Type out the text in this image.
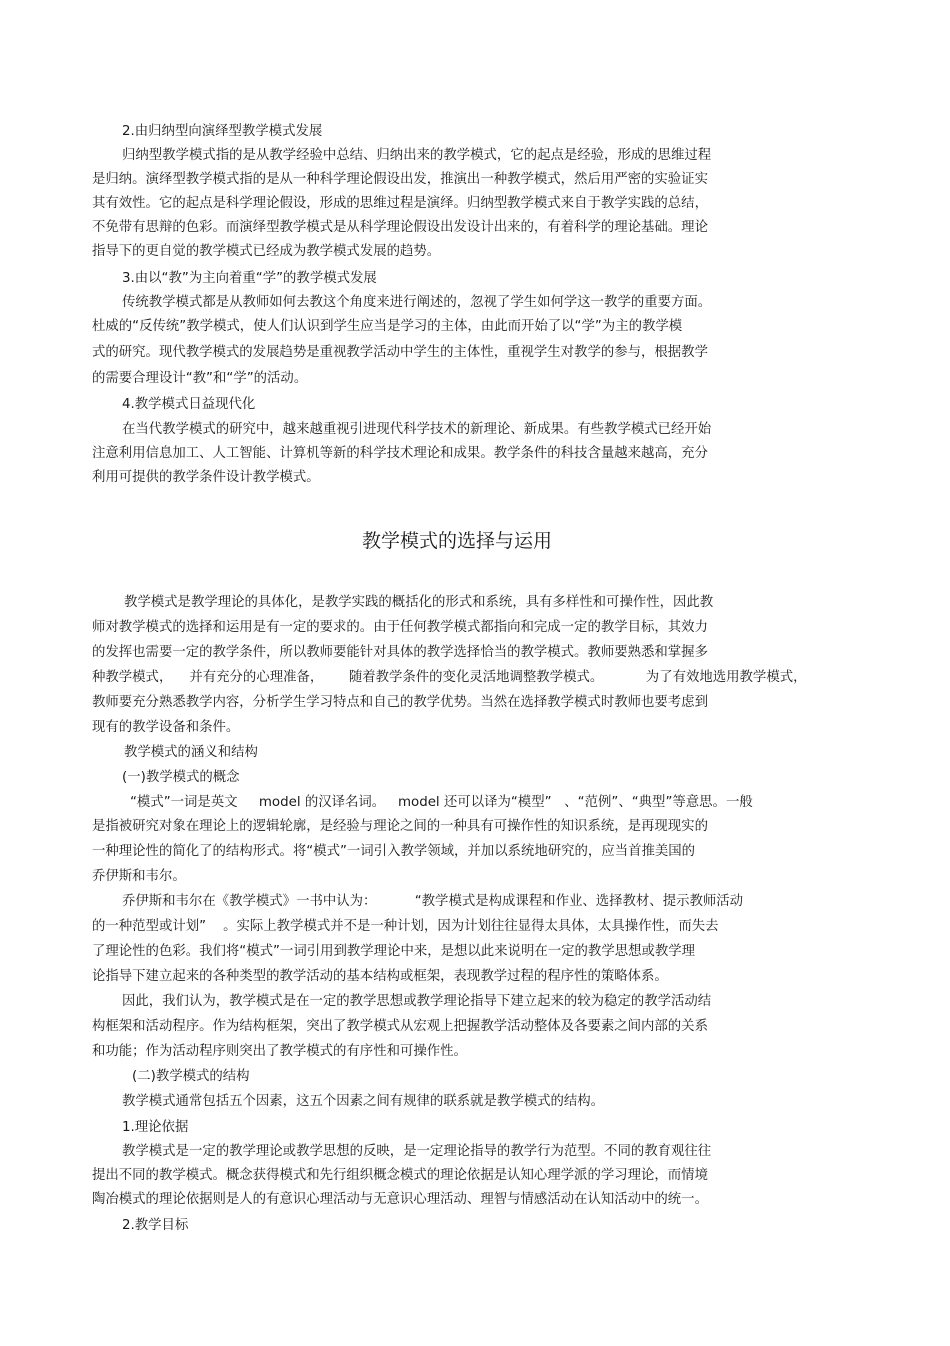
2.由归纳型向演绎型教学模式发展
归纳型教学模式指的是从教学经验中总结、归纳出来的教学模式，它的起点是经验，形成的思维过程
是归纳。演绎型教学模式指的是从一种科学理论假设出发，推演出一种教学模式，然后用严密的实验证实
其有效性。它的起点是科学理论假设，形成的思维过程是演绎。归纳型教学模式来自于教学实践的总结，
不免带有思辩的色彩。而演绎型教学模式是从科学理论假设出发设计出来的，有着科学的理论基础。理论
指导下的更自觉的教学模式已经成为教学模式发展的趋势。
3.由以“教”为主向着重“学”的教学模式发展
传统教学模式都是从教师如何去教这个角度来进行阐述的，忽视了学生如何学这一教学的重要方面。
杜威的“反传统”教学模式，使人们认识到学生应当是学习的主体，由此而开始了以“学”为主的教学模
式的研究。现代教学模式的发展趋势是重视教学活动中学生的主体性，重视学生对教学的参与，根据教学
的需要合理设计“教”和“学”的活动。
4.教学模式日益现代化
在当代教学模式的研究中，越来越重视引进现代科学技术的新理论、新成果。有些教学模式已经开始
注意利用信息加工、人工智能、计算机等新的科学技术理论和成果。教学条件的科技含量越来越高，充分
利用可提供的教学条件设计教学模式。
教学模式的选择与运用
教学模式是教学理论的具体化，是教学实践的概括化的形式和系统，具有多样性和可操作性，因此教
师对教学模式的选择和运用是有一定的要求的。由于任何教学模式都指向和完成一定的教学目标，其效力
的发挥也需要一定的教学条件，所以教师要能针对具体的教学选择恰当的教学模式。教师要熟悉和掌握多
种教学模式，    并有充分的心理准备，      随着教学条件的变化灵活地调整教学模式。          为了有效地选用教学模式，
教师要充分熟悉教学内容，分析学生学习特点和自己的教学优势。当然在选择教学模式时教师也要考虑到
现有的教学设备和条件。
教学模式的涵义和结构
(一)教学模式的概念
“模式”一词是英文     model 的汉译名词。   model 还可以译为“模型”   、“范例”、“典型”等意思。一般
是指被研究对象在理论上的逻辑轮廓，是经验与理论之间的一种具有可操作性的知识系统，是再现现实的
一种理论性的简化了的结构形式。将“模式”一词引入教学领域，并加以系统地研究的，应当首推美国的
乔伊斯和韦尔。
乔伊斯和韦尔在《教学模式》一书中认为：         “教学模式是构成课程和作业、选择教材、提示教师活动
的一种范型或计划”    。实际上教学模式并不是一种计划，因为计划往往显得太具体，太具操作性，而失去
了理论性的色彩。我们将“模式”一词引用到教学理论中来，是想以此来说明在一定的教学思想或教学理
论指导下建立起来的各种类型的教学活动的基本结构或框架，表现教学过程的程序性的策略体系。
因此，我们认为，教学模式是在一定的教学思想或教学理论指导下建立起来的较为稳定的教学活动结
构框架和活动程序。作为结构框架，突出了教学模式从宏观上把握教学活动整体及各要素之间内部的关系
和功能；作为活动程序则突出了教学模式的有序性和可操作性。
(二)教学模式的结构
教学模式通常包括五个因素，这五个因素之间有规律的联系就是教学模式的结构。
1.理论依据
教学模式是一定的教学理论或教学思想的反映，是一定理论指导的教学行为范型。不同的教育观往往
提出不同的教学模式。概念获得模式和先行组织概念模式的理论依据是认知心理学派的学习理论，而情境
陶冶模式的理论依据则是人的有意识心理活动与无意识心理活动、理智与情感活动在认知活动中的统一。
2.教学目标
